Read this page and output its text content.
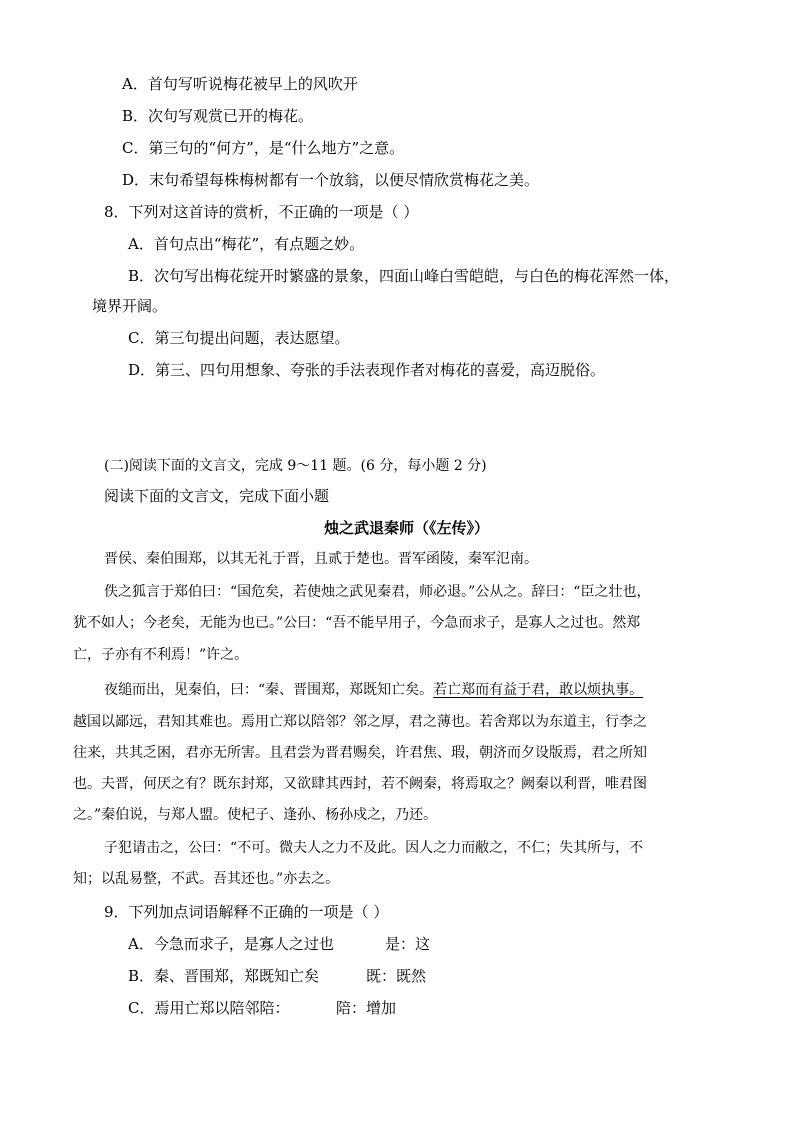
A．首句写听说梅花被早上的风吹开
B．次句写观赏已开的梅花。
C．第三句的“何方”，是“什么地方”之意。
D．末句希望每株梅树都有一个放翁，以便尽情欣赏梅花之美。
8．下列对这首诗的赏析，不正确的一项是（ ）
A．首句点出“梅花”，有点题之妙。
B．次句写出梅花绽开时繁盛的景象，四面山峰白雪皑皑，与白色的梅花浑然一体，
境界开阔。
C．第三句提出问题，表达愿望。
D．第三、四句用想象、夸张的手法表现作者对梅花的喜爱，高迈脱俗。
(二)阅读下面的文言文，完成 9～11 题。(6 分，每小题 2 分)
阅读下面的文言文，完成下面小题
烛之武退秦师（《左传》）
晋侯、秦伯围郑，以其无礼于晋，且贰于楚也。晋军函陵，秦军氾南。
佚之狐言于郑伯曰：“国危矣，若使烛之武见秦君，师必退。”公从之。辞曰：“臣之壮也，
犹不如人；今老矣，无能为也已。”公曰：“吾不能早用子，今急而求子，是寡人之过也。然郑
亡，子亦有不利焉！”许之。
夜缒而出，见秦伯，曰：“秦、晋围郑，郑既知亡矣。若亡郑而有益于君，敢以烦执事。
越国以鄙远，君知其难也。焉用亡郑以陪邻？邻之厚，君之薄也。若舍郑以为东道主，行李之
往来，共其乏困，君亦无所害。且君尝为晋君赐矣，许君焦、瑕，朝济而夕设版焉，君之所知
也。夫晋，何厌之有？既东封郑，又欲肆其西封，若不阙秦，将焉取之？阙秦以利晋，唯君图
之。”秦伯说，与郑人盟。使杞子、逢孙、杨孙戍之，乃还。
子犯请击之，公曰：“不可。微夫人之力不及此。因人之力而敝之，不仁；失其所与，不
知；以乱易整，不武。吾其还也。”亦去之。
9．下列加点词语解释不正确的一项是（ ）
A．今急而求子，是寡人之过也	是：这
B．秦、晋围郑，郑既知亡矣	既：既然
C．焉用亡郑以陪邻陪：	陪：增加
